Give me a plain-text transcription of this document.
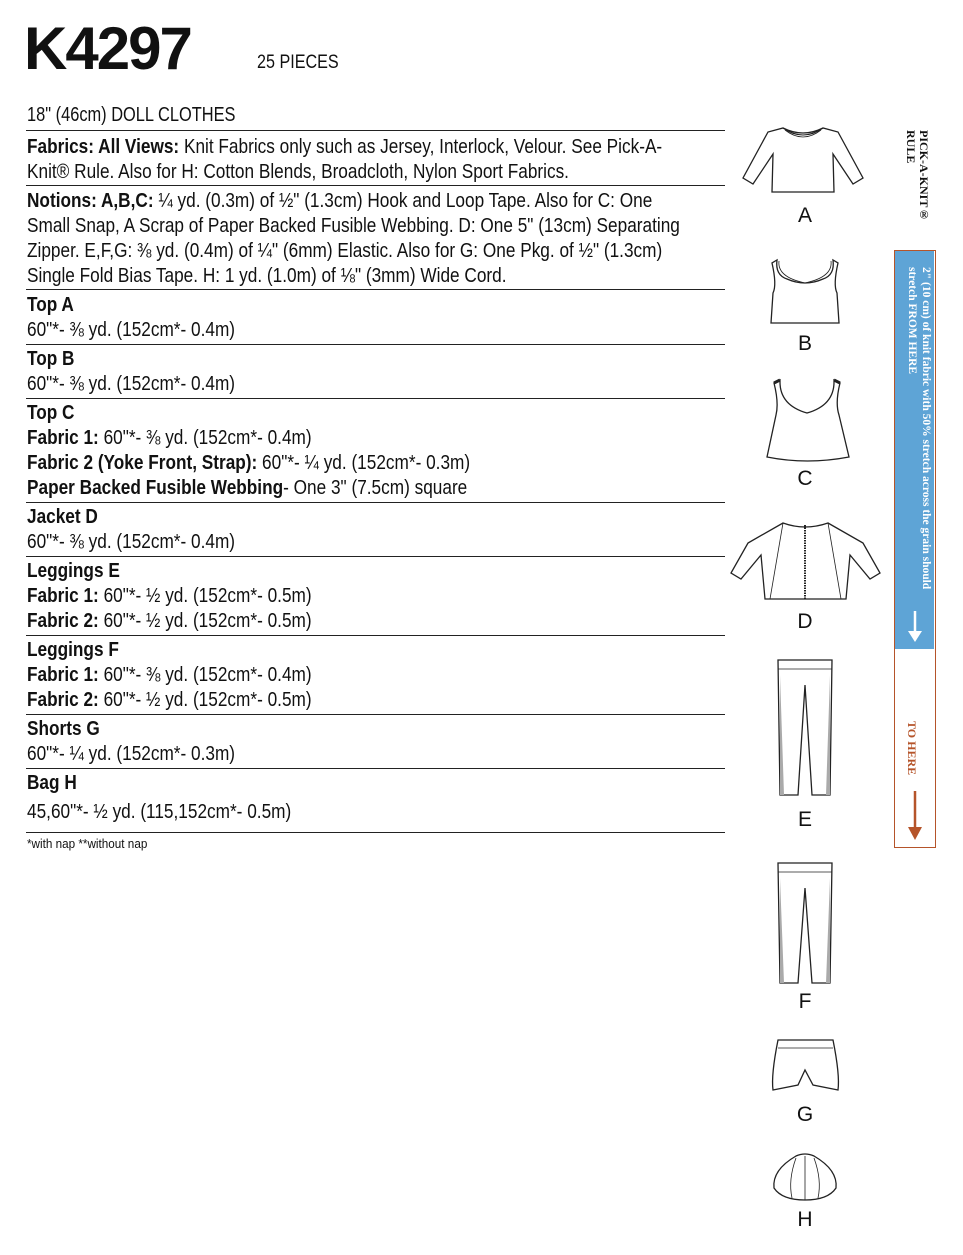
K4297	25 PIECES
18" (46cm) DOLL CLOTHES
Fabrics: All Views: Knit Fabrics only such as Jersey, Interlock, Velour. See Pick-A-
Knit® Rule. Also for H: Cotton Blends, Broadcloth, Nylon Sport Fabrics.
Notions: A,B,C: ¼ yd. (0.3m) of ½" (1.3cm) Hook and Loop Tape. Also for C: One
Small Snap, A Scrap of Paper Backed Fusible Webbing. D: One 5" (13cm) Separating
Zipper. E,F,G: ⅜ yd. (0.4m) of ¼" (6mm) Elastic. Also for G: One Pkg. of ½" (1.3cm)
Single Fold Bias Tape. H: 1 yd. (1.0m) of ⅛" (3mm) Wide Cord.
Top A
60"*- ⅜ yd. (152cm*- 0.4m)
Top B
60"*- ⅜ yd. (152cm*- 0.4m)
Top C
Fabric 1: 60"*- ⅜ yd. (152cm*- 0.4m)
Fabric 2 (Yoke Front, Strap): 60"*- ¼ yd. (152cm*- 0.3m)
Paper Backed Fusible Webbing- One 3" (7.5cm) square
Jacket D
60"*- ⅜ yd. (152cm*- 0.4m)
Leggings E
Fabric 1: 60"*- ½ yd. (152cm*- 0.5m)
Fabric 2: 60"*- ½ yd. (152cm*- 0.5m)
Leggings F
Fabric 1: 60"*- ⅜ yd. (152cm*- 0.4m)
Fabric 2: 60"*- ½ yd. (152cm*- 0.5m)
Shorts G
60"*- ¼ yd. (152cm*- 0.3m)
Bag H
45,60"*- ½ yd. (115,152cm*- 0.5m)
*with nap **without nap
A
B
C
D
E
F
G
H
PICK-A-KNIT® RULE
2" (10 cm) of knit fabric with 50% stretch across the grain should stretch FROM HERE
TO HERE
